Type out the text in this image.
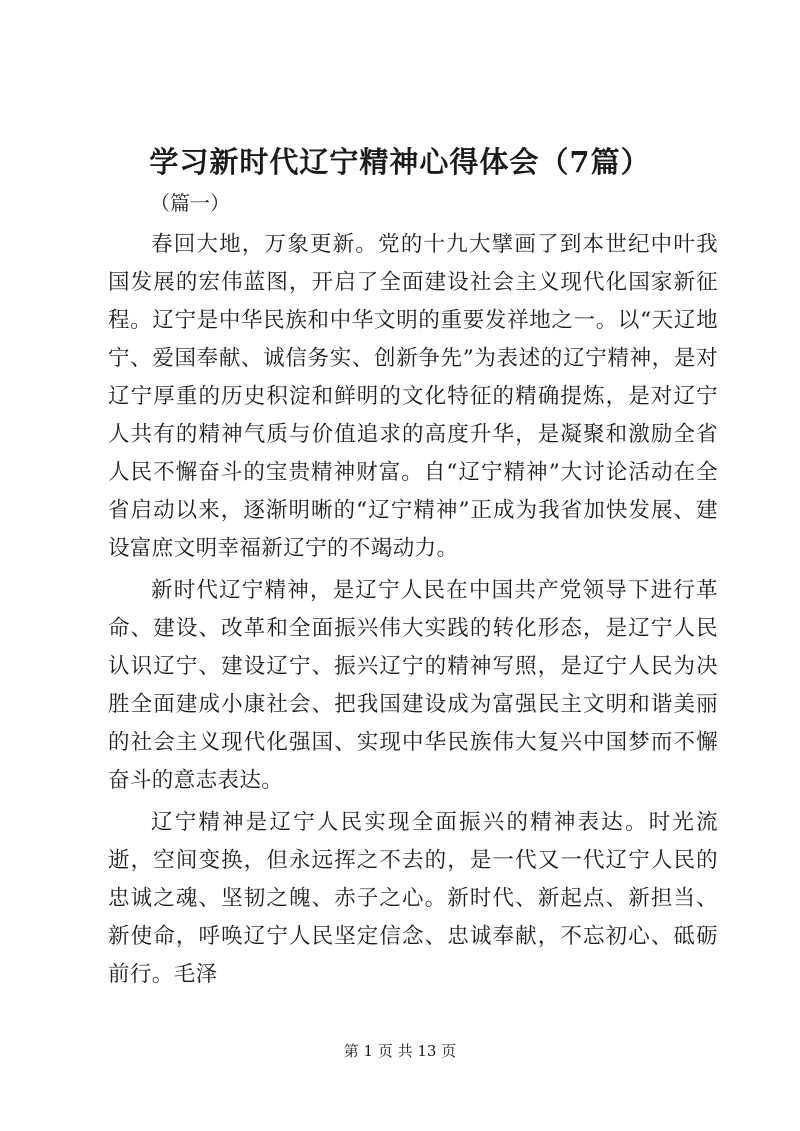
学习新时代辽宁精神心得体会（7篇）
（篇一）

春回大地，万象更新。党的十九大擘画了到本世纪中叶我国发展的宏伟蓝图，开启了全面建设社会主义现代化国家新征程。辽宁是中华民族和中华文明的重要发祥地之一。以“天辽地宁、爱国奉献、诚信务实、创新争先”为表述的辽宁精神，是对辽宁厚重的历史积淀和鲜明的文化特征的精确提炼，是对辽宁人共有的精神气质与价值追求的高度升华，是凝聚和激励全省人民不懈奋斗的宝贵精神财富。自“辽宁精神”大讨论活动在全省启动以来，逐渐明晰的“辽宁精神”正成为我省加快发展、建设富庶文明幸福新辽宁的不竭动力。

新时代辽宁精神，是辽宁人民在中国共产党领导下进行革命、建设、改革和全面振兴伟大实践的转化形态，是辽宁人民认识辽宁、建设辽宁、振兴辽宁的精神写照，是辽宁人民为决胜全面建成小康社会、把我国建设成为富强民主文明和谐美丽的社会主义现代化强国、实现中华民族伟大复兴中国梦而不懈奋斗的意志表达。

辽宁精神是辽宁人民实现全面振兴的精神表达。时光流逝，空间变换，但永远挥之不去的，是一代又一代辽宁人民的忠诚之魂、坚韧之魄、赤子之心。新时代、新起点、新担当、新使命，呼唤辽宁人民坚定信念、忠诚奉献，不忘初心、砥砺前行。毛泽

第 1 页 共 13 页
